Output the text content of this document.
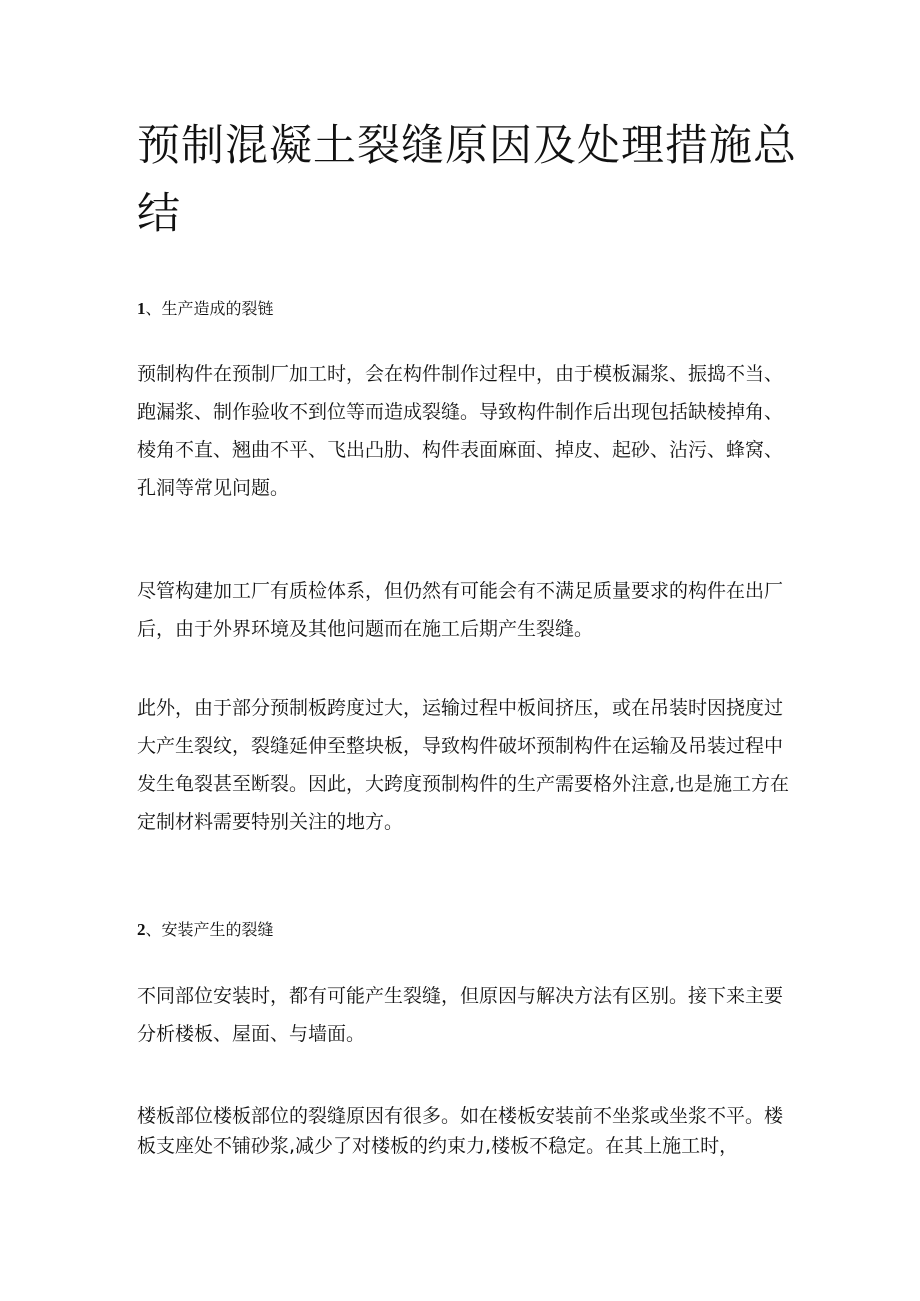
预制混凝土裂缝原因及处理措施总结
1、生产造成的裂链

预制构件在预制厂加工时，会在构件制作过程中，由于模板漏浆、振捣不当、跑漏浆、制作验收不到位等而造成裂缝。导致构件制作后出现包括缺棱掉角、棱角不直、翘曲不平、飞出凸肋、构件表面麻面、掉皮、起砂、沾污、蜂窝、孔洞等常见问题。

尽管构建加工厂有质检体系，但仍然有可能会有不满足质量要求的构件在出厂后，由于外界环境及其他问题而在施工后期产生裂缝。

此外，由于部分预制板跨度过大，运输过程中板间挤压，或在吊装时因挠度过大产生裂纹，裂缝延伸至整块板，导致构件破坏预制构件在运输及吊装过程中发生龟裂甚至断裂。因此，大跨度预制构件的生产需要格外注意,也是施工方在定制材料需要特别关注的地方。

2、安装产生的裂缝

不同部位安装时，都有可能产生裂缝，但原因与解决方法有区别。接下来主要分析楼板、屋面、与墙面。

楼板部位楼板部位的裂缝原因有很多。如在楼板安装前不坐浆或坐浆不平。楼板支座处不铺砂浆,减少了对楼板的约束力,楼板不稳定。在其上施工时，
